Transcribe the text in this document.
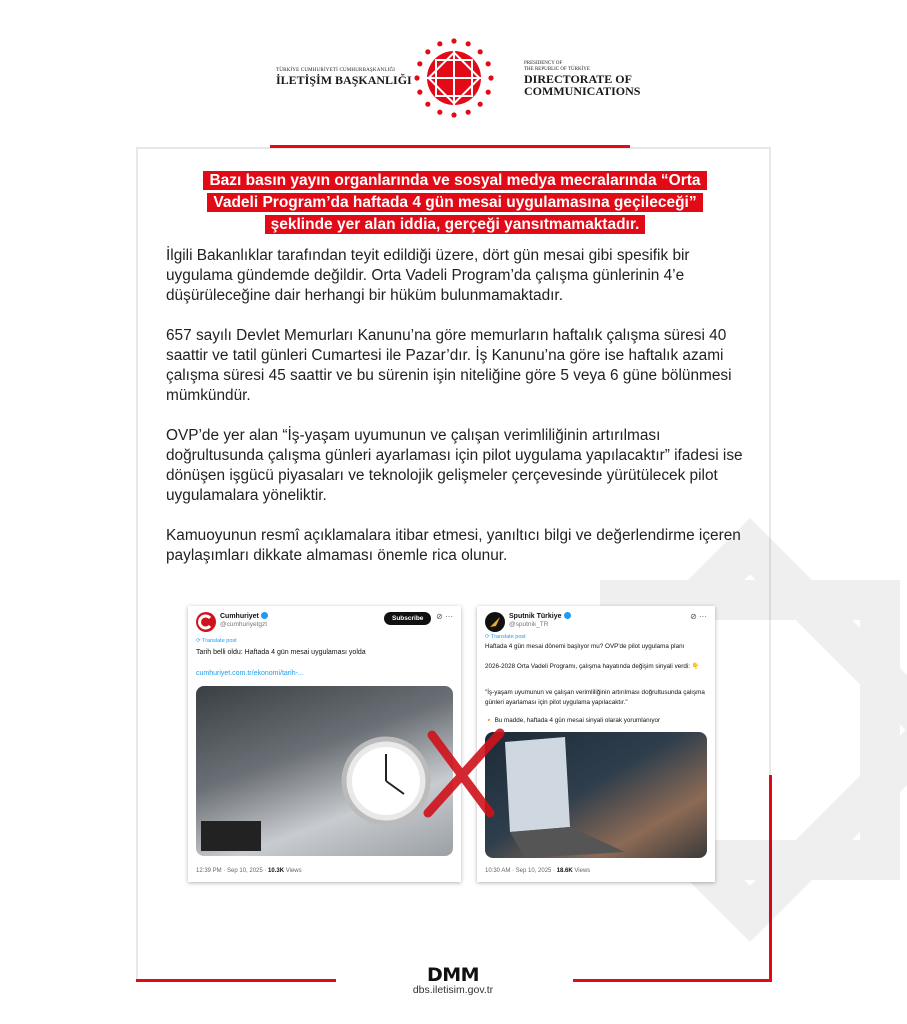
TÜRKİYE CUMHURİYETİ CUMHURBAŞKANLIĞI
İLETİŞİM BAŞKANLIĞI
PRESIDENCY OF
THE REPUBLIC OF TÜRKİYE
DIRECTORATE OF
COMMUNICATIONS
Bazı basın yayın organlarında ve sosyal medya mecralarında “Orta
Vadeli Program’da haftada 4 gün mesai uygulamasına geçileceği”
şeklinde yer alan iddia, gerçeği yansıtmamaktadır.

İlgili Bakanlıklar tarafından teyit edildiği üzere, dört gün mesai gibi spesifik bir uygulama gündemde değildir. Orta Vadeli Program’da çalışma günlerinin 4’e düşürüleceğine dair herhangi bir hüküm bulunmamaktadır.

657 sayılı Devlet Memurları Kanunu’na göre memurların haftalık çalışma süresi 40 saattir ve tatil günleri Cumartesi ile Pazar’dır. İş Kanunu’na göre ise haftalık azami çalışma süresi 45 saattir ve bu sürenin işin niteliğine göre 5 veya 6 güne bölünmesi mümkündür.

OVP’de yer alan “İş-yaşam uyumunun ve çalışan verimliliğinin artırılması doğrultusunda çalışma günleri ayarlaması için pilot uygulama yapılacaktır” ifadesi ise dönüşen işgücü piyasaları ve teknolojik gelişmeler çerçevesinde yürütülecek pilot uygulamalara yöneliktir.

Kamuoyunun resmî açıklamalara itibar etmesi, yanıltıcı bilgi ve değerlendirme içeren paylaşımları dikkate almaması önemle rica olunur.

Cumhuriyet
@cumhuriyetgzt
Subscribe	⊘ ···
⟳ Translate post
Tarih belli oldu: Haftada 4 gün mesai uygulaması yolda
cumhuriyet.com.tr/ekonomi/tarih-...
12:39 PM · Sep 10, 2025 · 10.3K Views
Sputnik Türkiye
@sputnik_TR
⊘ ···
⟳ Translate post
Haftada 4 gün mesai dönemi başlıyor mu? OVP'de pilot uygulama planı
2026-2028 Orta Vadeli Programı, çalışma hayatında değişim sinyali verdi: 👇
"İş-yaşam uyumunun ve çalışan verimliliğinin artırılması doğrultusunda çalışma günleri ayarlaması için pilot uygulama yapılacaktır."
🔸 Bu madde, haftada 4 gün mesai sinyali olarak yorumlanıyor
10:30 AM · Sep 10, 2025 · 18.6K Views
DMM
dbs.iletisim.gov.tr
